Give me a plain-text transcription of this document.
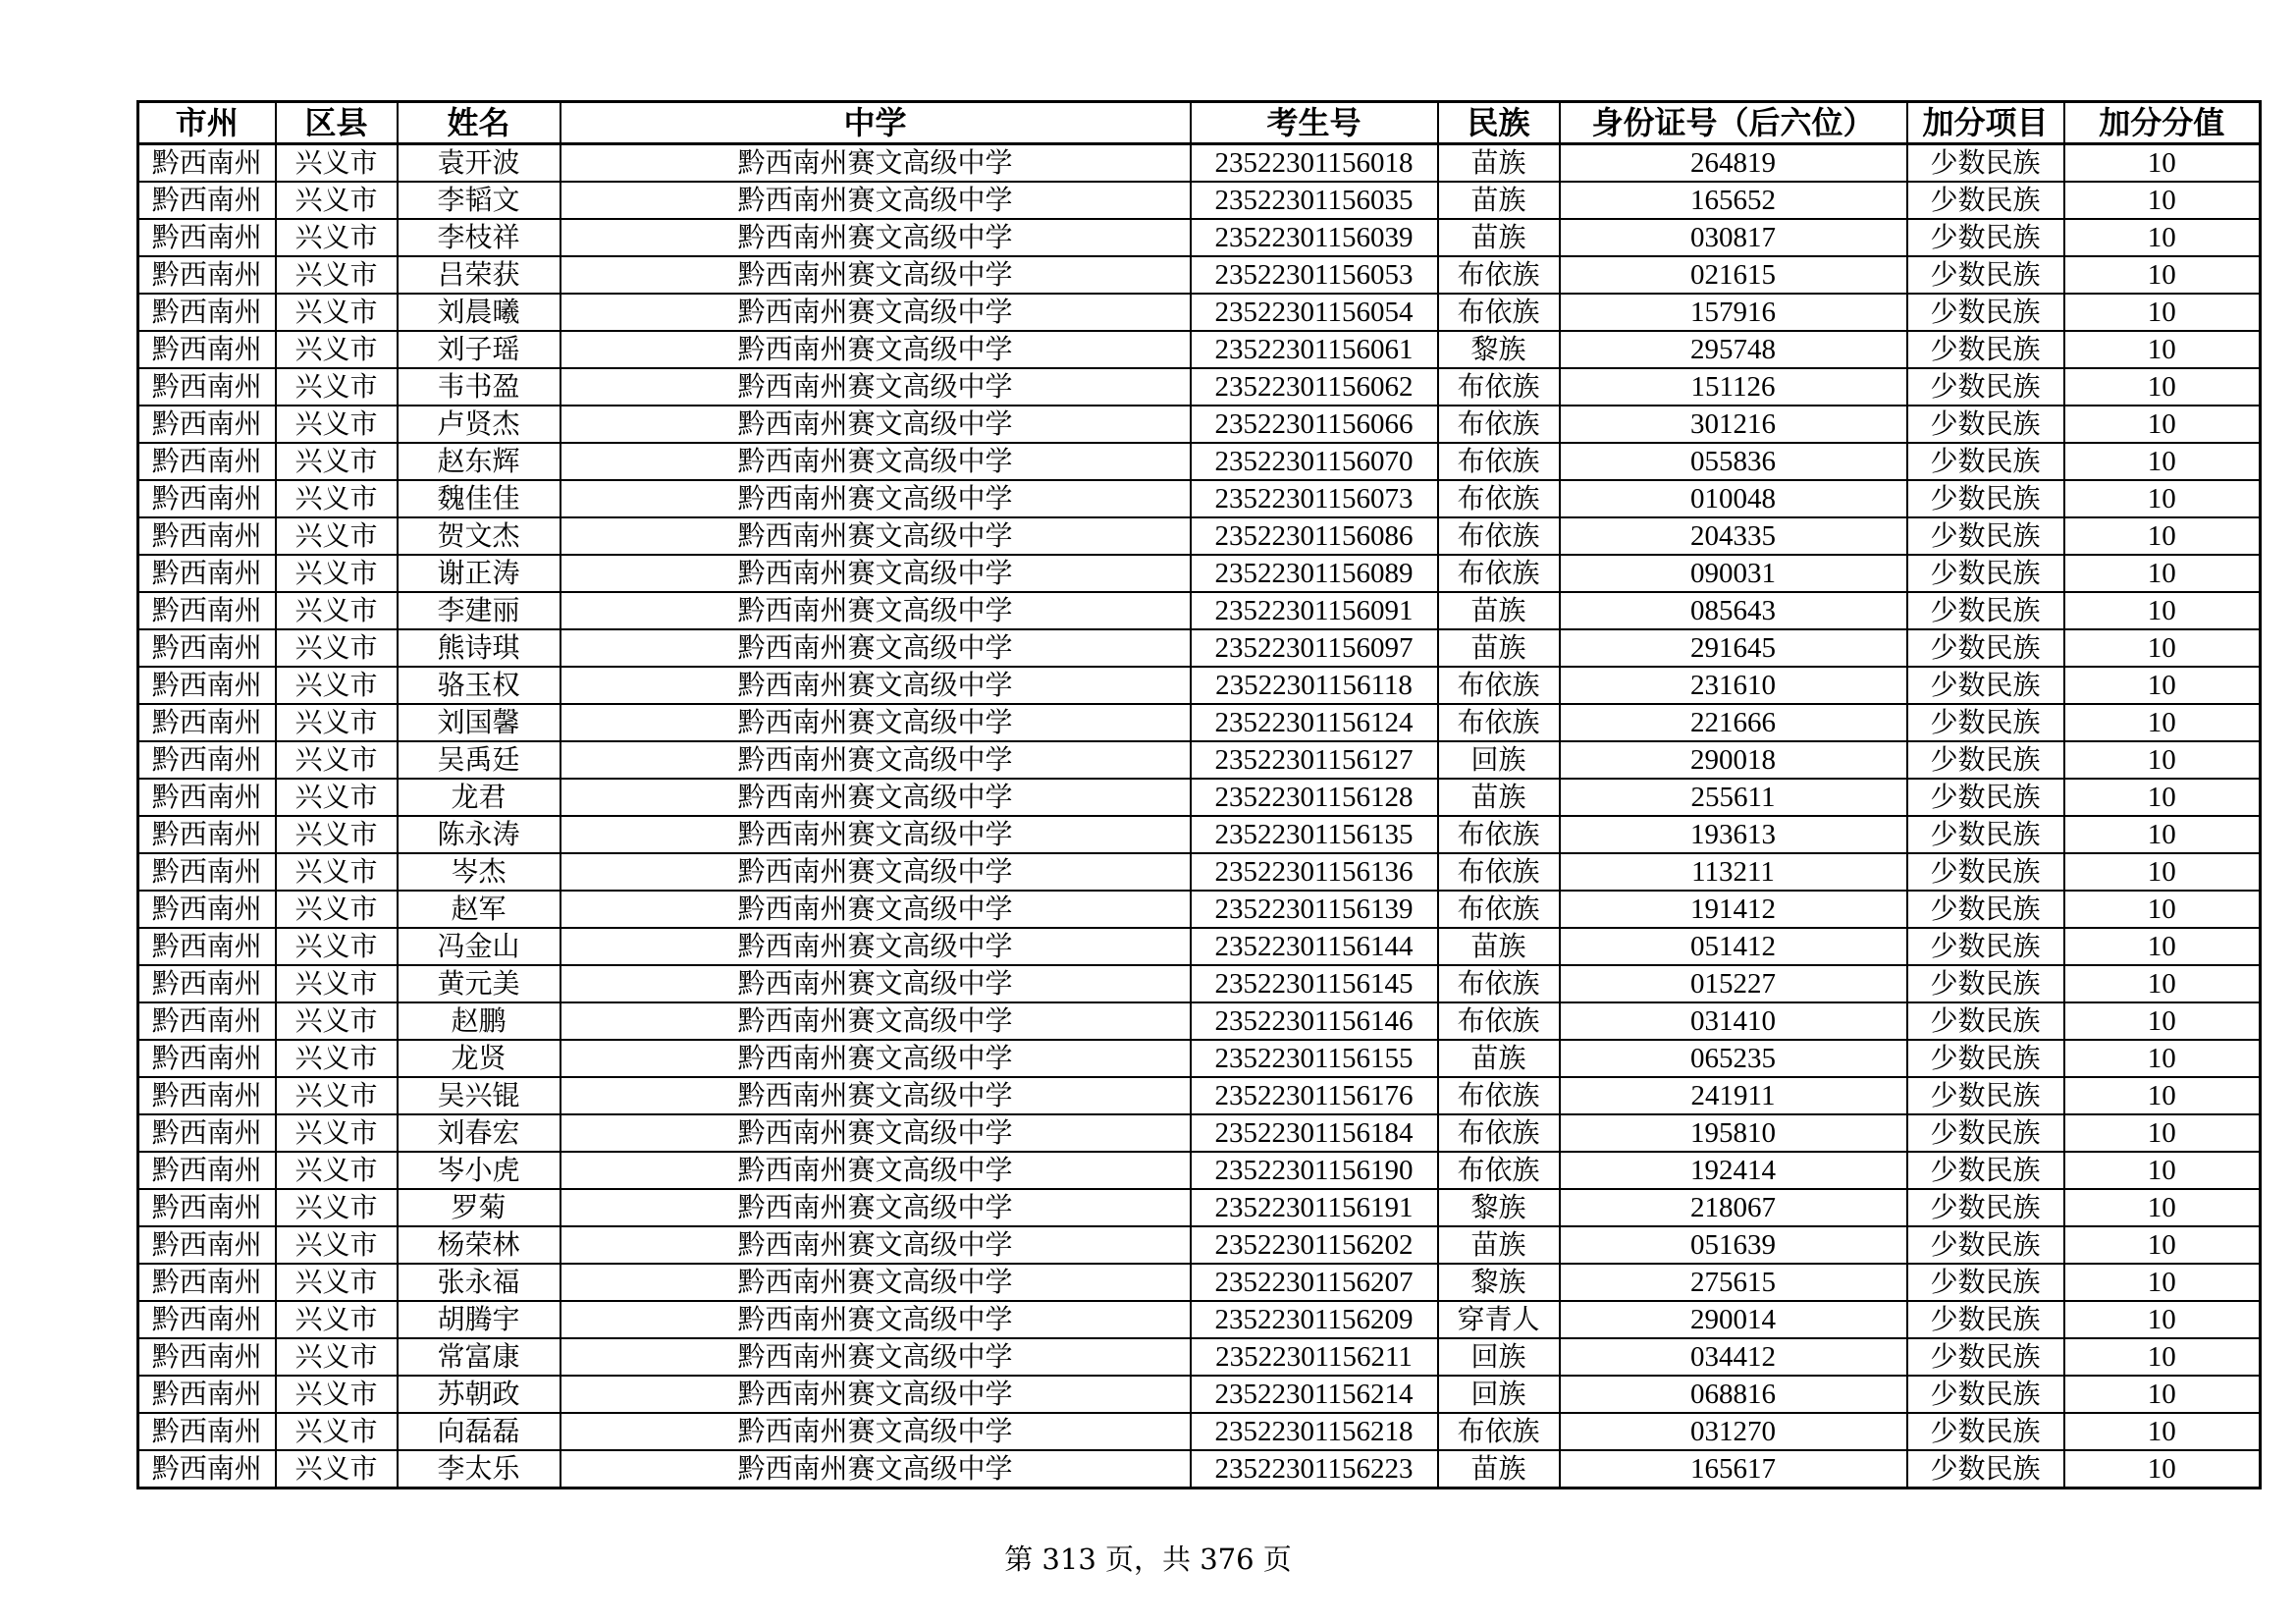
市州	区县	姓名	中学	考生号	民族	身份证号（后六位）	加分项目	加分分值
黔西南州	兴义市	袁开波	黔西南州赛文高级中学	23522301156018	苗族	264819	少数民族	10
黔西南州	兴义市	李韬文	黔西南州赛文高级中学	23522301156035	苗族	165652	少数民族	10
黔西南州	兴义市	李枝祥	黔西南州赛文高级中学	23522301156039	苗族	030817	少数民族	10
黔西南州	兴义市	吕荣获	黔西南州赛文高级中学	23522301156053	布依族	021615	少数民族	10
黔西南州	兴义市	刘晨曦	黔西南州赛文高级中学	23522301156054	布依族	157916	少数民族	10
黔西南州	兴义市	刘子瑶	黔西南州赛文高级中学	23522301156061	黎族	295748	少数民族	10
黔西南州	兴义市	韦书盈	黔西南州赛文高级中学	23522301156062	布依族	151126	少数民族	10
黔西南州	兴义市	卢贤杰	黔西南州赛文高级中学	23522301156066	布依族	301216	少数民族	10
黔西南州	兴义市	赵东辉	黔西南州赛文高级中学	23522301156070	布依族	055836	少数民族	10
黔西南州	兴义市	魏佳佳	黔西南州赛文高级中学	23522301156073	布依族	010048	少数民族	10
黔西南州	兴义市	贺文杰	黔西南州赛文高级中学	23522301156086	布依族	204335	少数民族	10
黔西南州	兴义市	谢正涛	黔西南州赛文高级中学	23522301156089	布依族	090031	少数民族	10
黔西南州	兴义市	李建丽	黔西南州赛文高级中学	23522301156091	苗族	085643	少数民族	10
黔西南州	兴义市	熊诗琪	黔西南州赛文高级中学	23522301156097	苗族	291645	少数民族	10
黔西南州	兴义市	骆玉权	黔西南州赛文高级中学	23522301156118	布依族	231610	少数民族	10
黔西南州	兴义市	刘国馨	黔西南州赛文高级中学	23522301156124	布依族	221666	少数民族	10
黔西南州	兴义市	吴禹廷	黔西南州赛文高级中学	23522301156127	回族	290018	少数民族	10
黔西南州	兴义市	龙君	黔西南州赛文高级中学	23522301156128	苗族	255611	少数民族	10
黔西南州	兴义市	陈永涛	黔西南州赛文高级中学	23522301156135	布依族	193613	少数民族	10
黔西南州	兴义市	岑杰	黔西南州赛文高级中学	23522301156136	布依族	113211	少数民族	10
黔西南州	兴义市	赵军	黔西南州赛文高级中学	23522301156139	布依族	191412	少数民族	10
黔西南州	兴义市	冯金山	黔西南州赛文高级中学	23522301156144	苗族	051412	少数民族	10
黔西南州	兴义市	黄元美	黔西南州赛文高级中学	23522301156145	布依族	015227	少数民族	10
黔西南州	兴义市	赵鹏	黔西南州赛文高级中学	23522301156146	布依族	031410	少数民族	10
黔西南州	兴义市	龙贤	黔西南州赛文高级中学	23522301156155	苗族	065235	少数民族	10
黔西南州	兴义市	吴兴锟	黔西南州赛文高级中学	23522301156176	布依族	241911	少数民族	10
黔西南州	兴义市	刘春宏	黔西南州赛文高级中学	23522301156184	布依族	195810	少数民族	10
黔西南州	兴义市	岑小虎	黔西南州赛文高级中学	23522301156190	布依族	192414	少数民族	10
黔西南州	兴义市	罗菊	黔西南州赛文高级中学	23522301156191	黎族	218067	少数民族	10
黔西南州	兴义市	杨荣林	黔西南州赛文高级中学	23522301156202	苗族	051639	少数民族	10
黔西南州	兴义市	张永福	黔西南州赛文高级中学	23522301156207	黎族	275615	少数民族	10
黔西南州	兴义市	胡腾宇	黔西南州赛文高级中学	23522301156209	穿青人	290014	少数民族	10
黔西南州	兴义市	常富康	黔西南州赛文高级中学	23522301156211	回族	034412	少数民族	10
黔西南州	兴义市	苏朝政	黔西南州赛文高级中学	23522301156214	回族	068816	少数民族	10
黔西南州	兴义市	向磊磊	黔西南州赛文高级中学	23522301156218	布依族	031270	少数民族	10
黔西南州	兴义市	李太乐	黔西南州赛文高级中学	23522301156223	苗族	165617	少数民族	10
第 313 页，共 376 页
